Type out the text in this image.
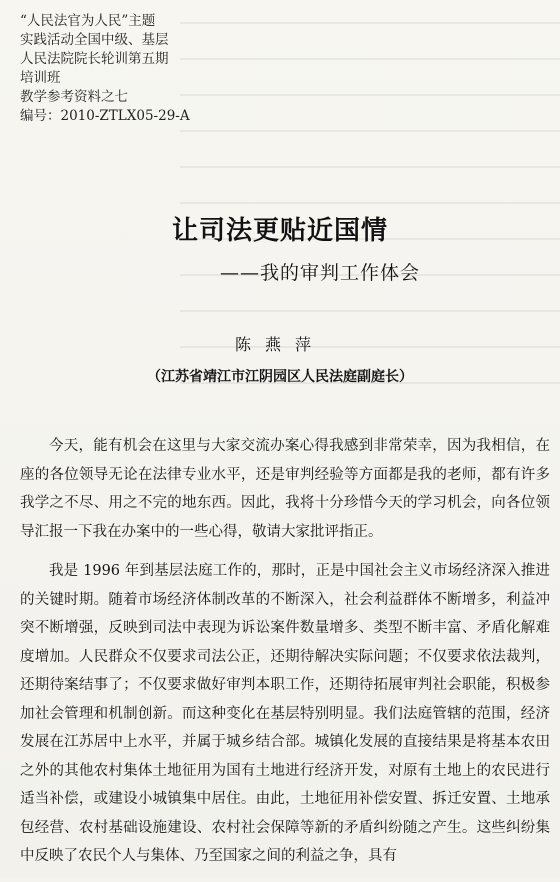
“人民法官为人民”主题
实践活动全国中级、基层
人民法院院长轮训第五期
培训班
教学参考资料之七
编号：2010-ZTLX05-29-A
让司法更贴近国情
——我的审判工作体会
陈燕萍
（江苏省靖江市江阴园区人民法庭副庭长）

今天，能有机会在这里与大家交流办案心得我感到非常荣幸，因为我相信，在座的各位领导无论在法律专业水平，还是审判经验等方面都是我的老师，都有许多我学之不尽、用之不完的地东西。因此，我将十分珍惜今天的学习机会，向各位领导汇报一下我在办案中的一些心得，敬请大家批评指正。

我是 1996 年到基层法庭工作的，那时，正是中国社会主义市场经济深入推进的关键时期。随着市场经济体制改革的不断深入，社会利益群体不断增多，利益冲突不断增强，反映到司法中表现为诉讼案件数量增多、类型不断丰富、矛盾化解难度增加。人民群众不仅要求司法公正，还期待解决实际问题；不仅要求依法裁判，还期待案结事了；不仅要求做好审判本职工作，还期待拓展审判社会职能，积极参加社会管理和机制创新。而这种变化在基层特别明显。我们法庭管辖的范围，经济发展在江苏居中上水平，并属于城乡结合部。城镇化发展的直接结果是将基本农田之外的其他农村集体土地征用为国有土地进行经济开发，对原有土地上的农民进行适当补偿，或建设小城镇集中居住。由此，土地征用补偿安置、拆迁安置、土地承包经营、农村基础设施建设、农村社会保障等新的矛盾纠纷随之产生。这些纠纷集中反映了农民个人与集体、乃至国家之间的利益之争，具有
